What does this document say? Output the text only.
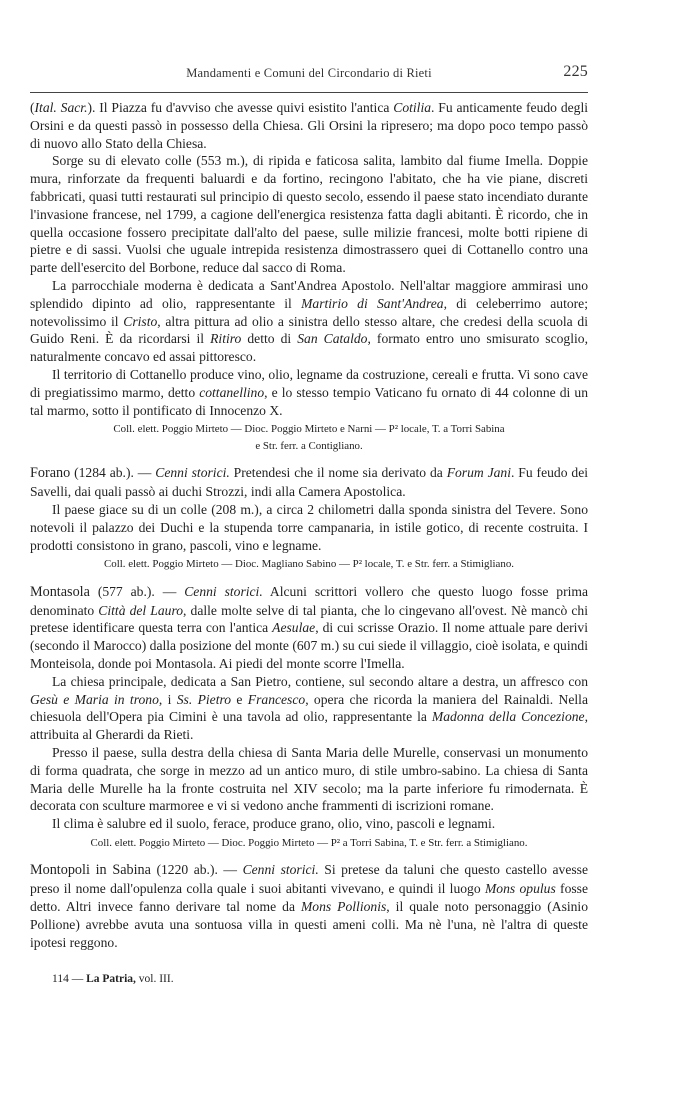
Mandamenti e Comuni del Circondario di Rieti	225

(Ital. Sacr.). Il Piazza fu d'avviso che avesse quivi esistito l'antica Cotilia. Fu anticamente feudo degli Orsini e da questi passò in possesso della Chiesa. Gli Orsini la ripresero; ma dopo poco tempo passò di nuovo allo Stato della Chiesa.

Sorge su di elevato colle (553 m.), di ripida e faticosa salita, lambito dal fiume Imella. Doppie mura, rinforzate da frequenti baluardi e da fortino, recingono l'abitato, che ha vie piane, discreti fabbricati, quasi tutti restaurati sul principio di questo secolo, essendo il paese stato incendiato durante l'invasione francese, nel 1799, a cagione dell'energica resistenza fatta dagli abitanti. È ricordo, che in quella occasione fossero precipitate dall'alto del paese, sulle milizie francesi, molte botti ripiene di pietre e di sassi. Vuolsi che uguale intrepida resistenza dimostrassero quei di Cottanello contro una parte dell'esercito del Borbone, reduce dal sacco di Roma.

La parrocchiale moderna è dedicata a Sant'Andrea Apostolo. Nell'altar maggiore ammirasi uno splendido dipinto ad olio, rappresentante il Martirio di Sant'Andrea, di celeberrimo autore; notevolissimo il Cristo, altra pittura ad olio a sinistra dello stesso altare, che credesi della scuola di Guido Reni. È da ricordarsi il Ritiro detto di San Cataldo, formato entro uno smisurato scoglio, naturalmente concavo ed assai pittoresco.

Il territorio di Cottanello produce vino, olio, legname da costruzione, cereali e frutta. Vi sono cave di pregiatissimo marmo, detto cottanellino, e lo stesso tempio Vaticano fu ornato di 44 colonne di un tal marmo, sotto il pontificato di Innocenzo X.

Coll. elett. Poggio Mirteto — Dioc. Poggio Mirteto e Narni — P² locale, T. a Torri Sabina
e Str. ferr. a Contigliano.

Forano (1284 ab.). — Cenni storici. Pretendesi che il nome sia derivato da Forum Jani. Fu feudo dei Savelli, dai quali passò ai duchi Strozzi, indi alla Camera Apostolica.

Il paese giace su di un colle (208 m.), a circa 2 chilometri dalla sponda sinistra del Tevere. Sono notevoli il palazzo dei Duchi e la stupenda torre campanaria, in istile gotico, di recente costruita. I prodotti consistono in grano, pascoli, vino e legname.

Coll. elett. Poggio Mirteto — Dioc. Magliano Sabino — P² locale, T. e Str. ferr. a Stimigliano.

Montasola (577 ab.). — Cenni storici. Alcuni scrittori vollero che questo luogo fosse prima denominato Città del Lauro, dalle molte selve di tal pianta, che lo cingevano all'ovest. Nè mancò chi pretese identificare questa terra con l'antica Aesulae, di cui scrisse Orazio. Il nome attuale pare derivi (secondo il Marocco) dalla posizione del monte (607 m.) su cui siede il villaggio, cioè isolata, e quindi Monteisola, donde poi Montasola. Ai piedi del monte scorre l'Imella.

La chiesa principale, dedicata a San Pietro, contiene, sul secondo altare a destra, un affresco con Gesù e Maria in trono, i Ss. Pietro e Francesco, opera che ricorda la maniera del Rainaldi. Nella chiesuola dell'Opera pia Cimini è una tavola ad olio, rappresentante la Madonna della Concezione, attribuita al Gherardi da Rieti.

Presso il paese, sulla destra della chiesa di Santa Maria delle Murelle, conservasi un monumento di forma quadrata, che sorge in mezzo ad un antico muro, di stile umbro-sabino. La chiesa di Santa Maria delle Murelle ha la fronte costruita nel XIV secolo; ma la parte inferiore fu rimodernata. È decorata con sculture marmoree e vi si vedono anche frammenti di iscrizioni romane.

Il clima è salubre ed il suolo, ferace, produce grano, olio, vino, pascoli e legnami.

Coll. elett. Poggio Mirteto — Dioc. Poggio Mirteto — P² a Torri Sabina, T. e Str. ferr. a Stimigliano.

Montopoli in Sabina (1220 ab.). — Cenni storici. Si pretese da taluni che questo castello avesse preso il nome dall'opulenza colla quale i suoi abitanti vivevano, e quindi il luogo Mons opulus fosse detto. Altri invece fanno derivare tal nome da Mons Pollionis, il quale noto personaggio (Asinio Pollione) avrebbe avuta una sontuosa villa in questi ameni colli. Ma nè l'una, nè l'altra di queste ipotesi reggono.

114 — La Patria, vol. III.
